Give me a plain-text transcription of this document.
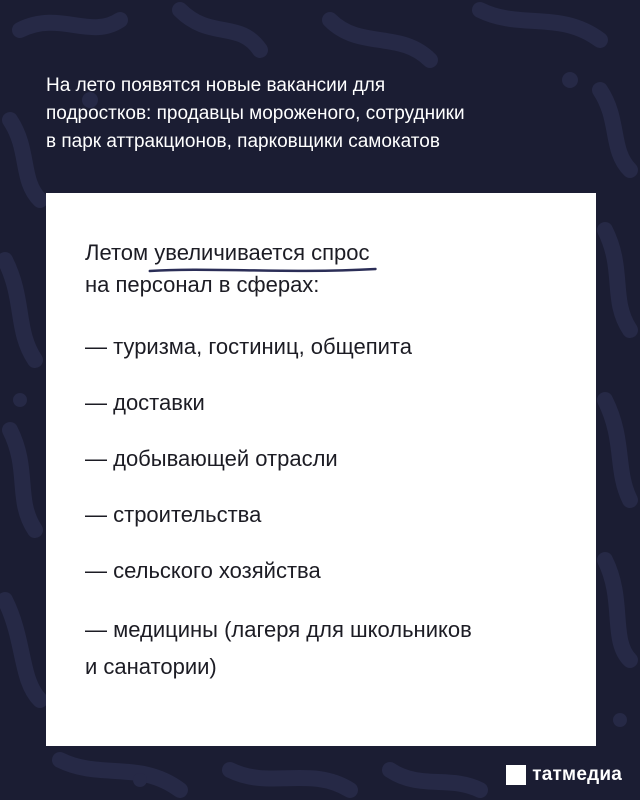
На лето появятся новые вакансии для
подростков: продавцы мороженого, сотрудники
в парк аттракционов, парковщики самокатов
Летом увеличивается спрос
на персонал в сферах:
— туризма, гостиниц, общепита
— доставки
— добывающей отрасли
— строительства
— сельского хозяйства
— медицины (лагеря для школьников
и санатории)
татмедиа
